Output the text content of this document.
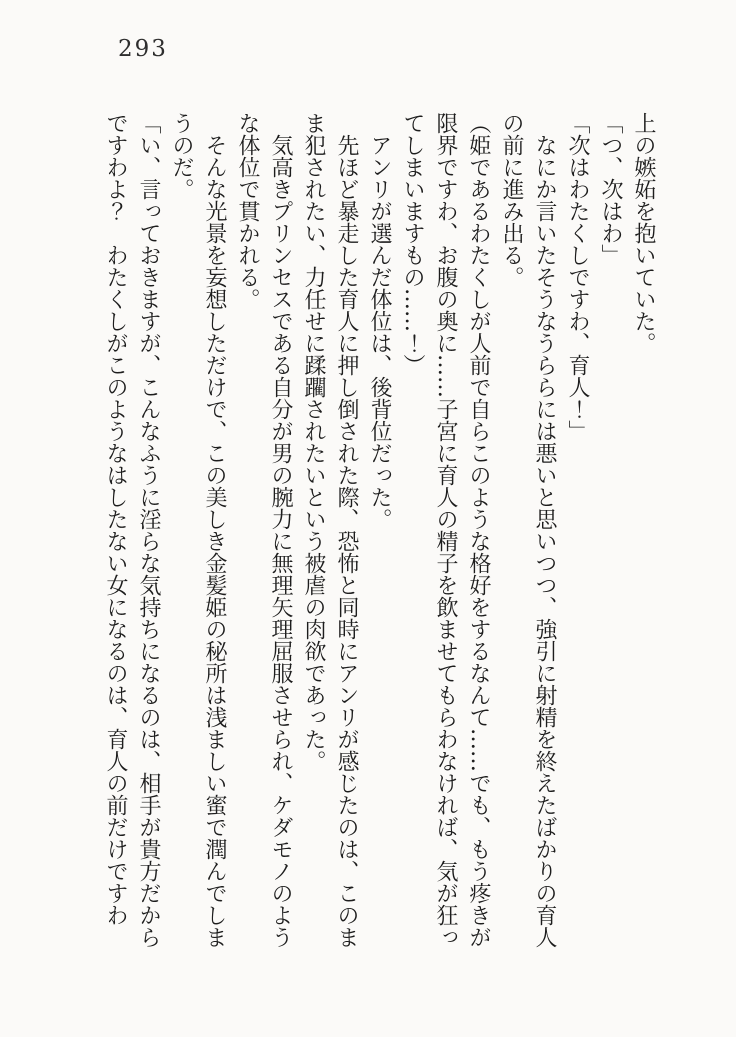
293
上の嫉妬を抱いていた。
「つ、次はわ」
「次はわたくしですわ、育人！」
なにか言いたそうなうららには悪いと思いつつ、強引に射精を終えたばかりの育人
の前に進み出る。
（姫であるわたくしが人前で自らこのような格好をするなんて……でも、もう疼きが
限界ですわ、お腹の奥に……子宮に育人の精子を飲ませてもらわなければ、気が狂っ
てしまいますもの……！）
アンリが選んだ体位は、後背位だった。
先ほど暴走した育人に押し倒された際、恐怖と同時にアンリが感じたのは、このま
ま犯されたい、力任せに蹂躙されたいという被虐の肉欲であった。
気高きプリンセスである自分が男の腕力に無理矢理屈服させられ、ケダモノのよう
な体位で貫かれる。
そんな光景を妄想しただけで、この美しき金髪姫の秘所は浅ましい蜜で潤んでしま
うのだ。
「い、言っておきますが、こんなふうに淫らな気持ちになるのは、相手が貴方だから
ですわよ？　わたくしがこのようなはしたない女になるのは、育人の前だけですわ
